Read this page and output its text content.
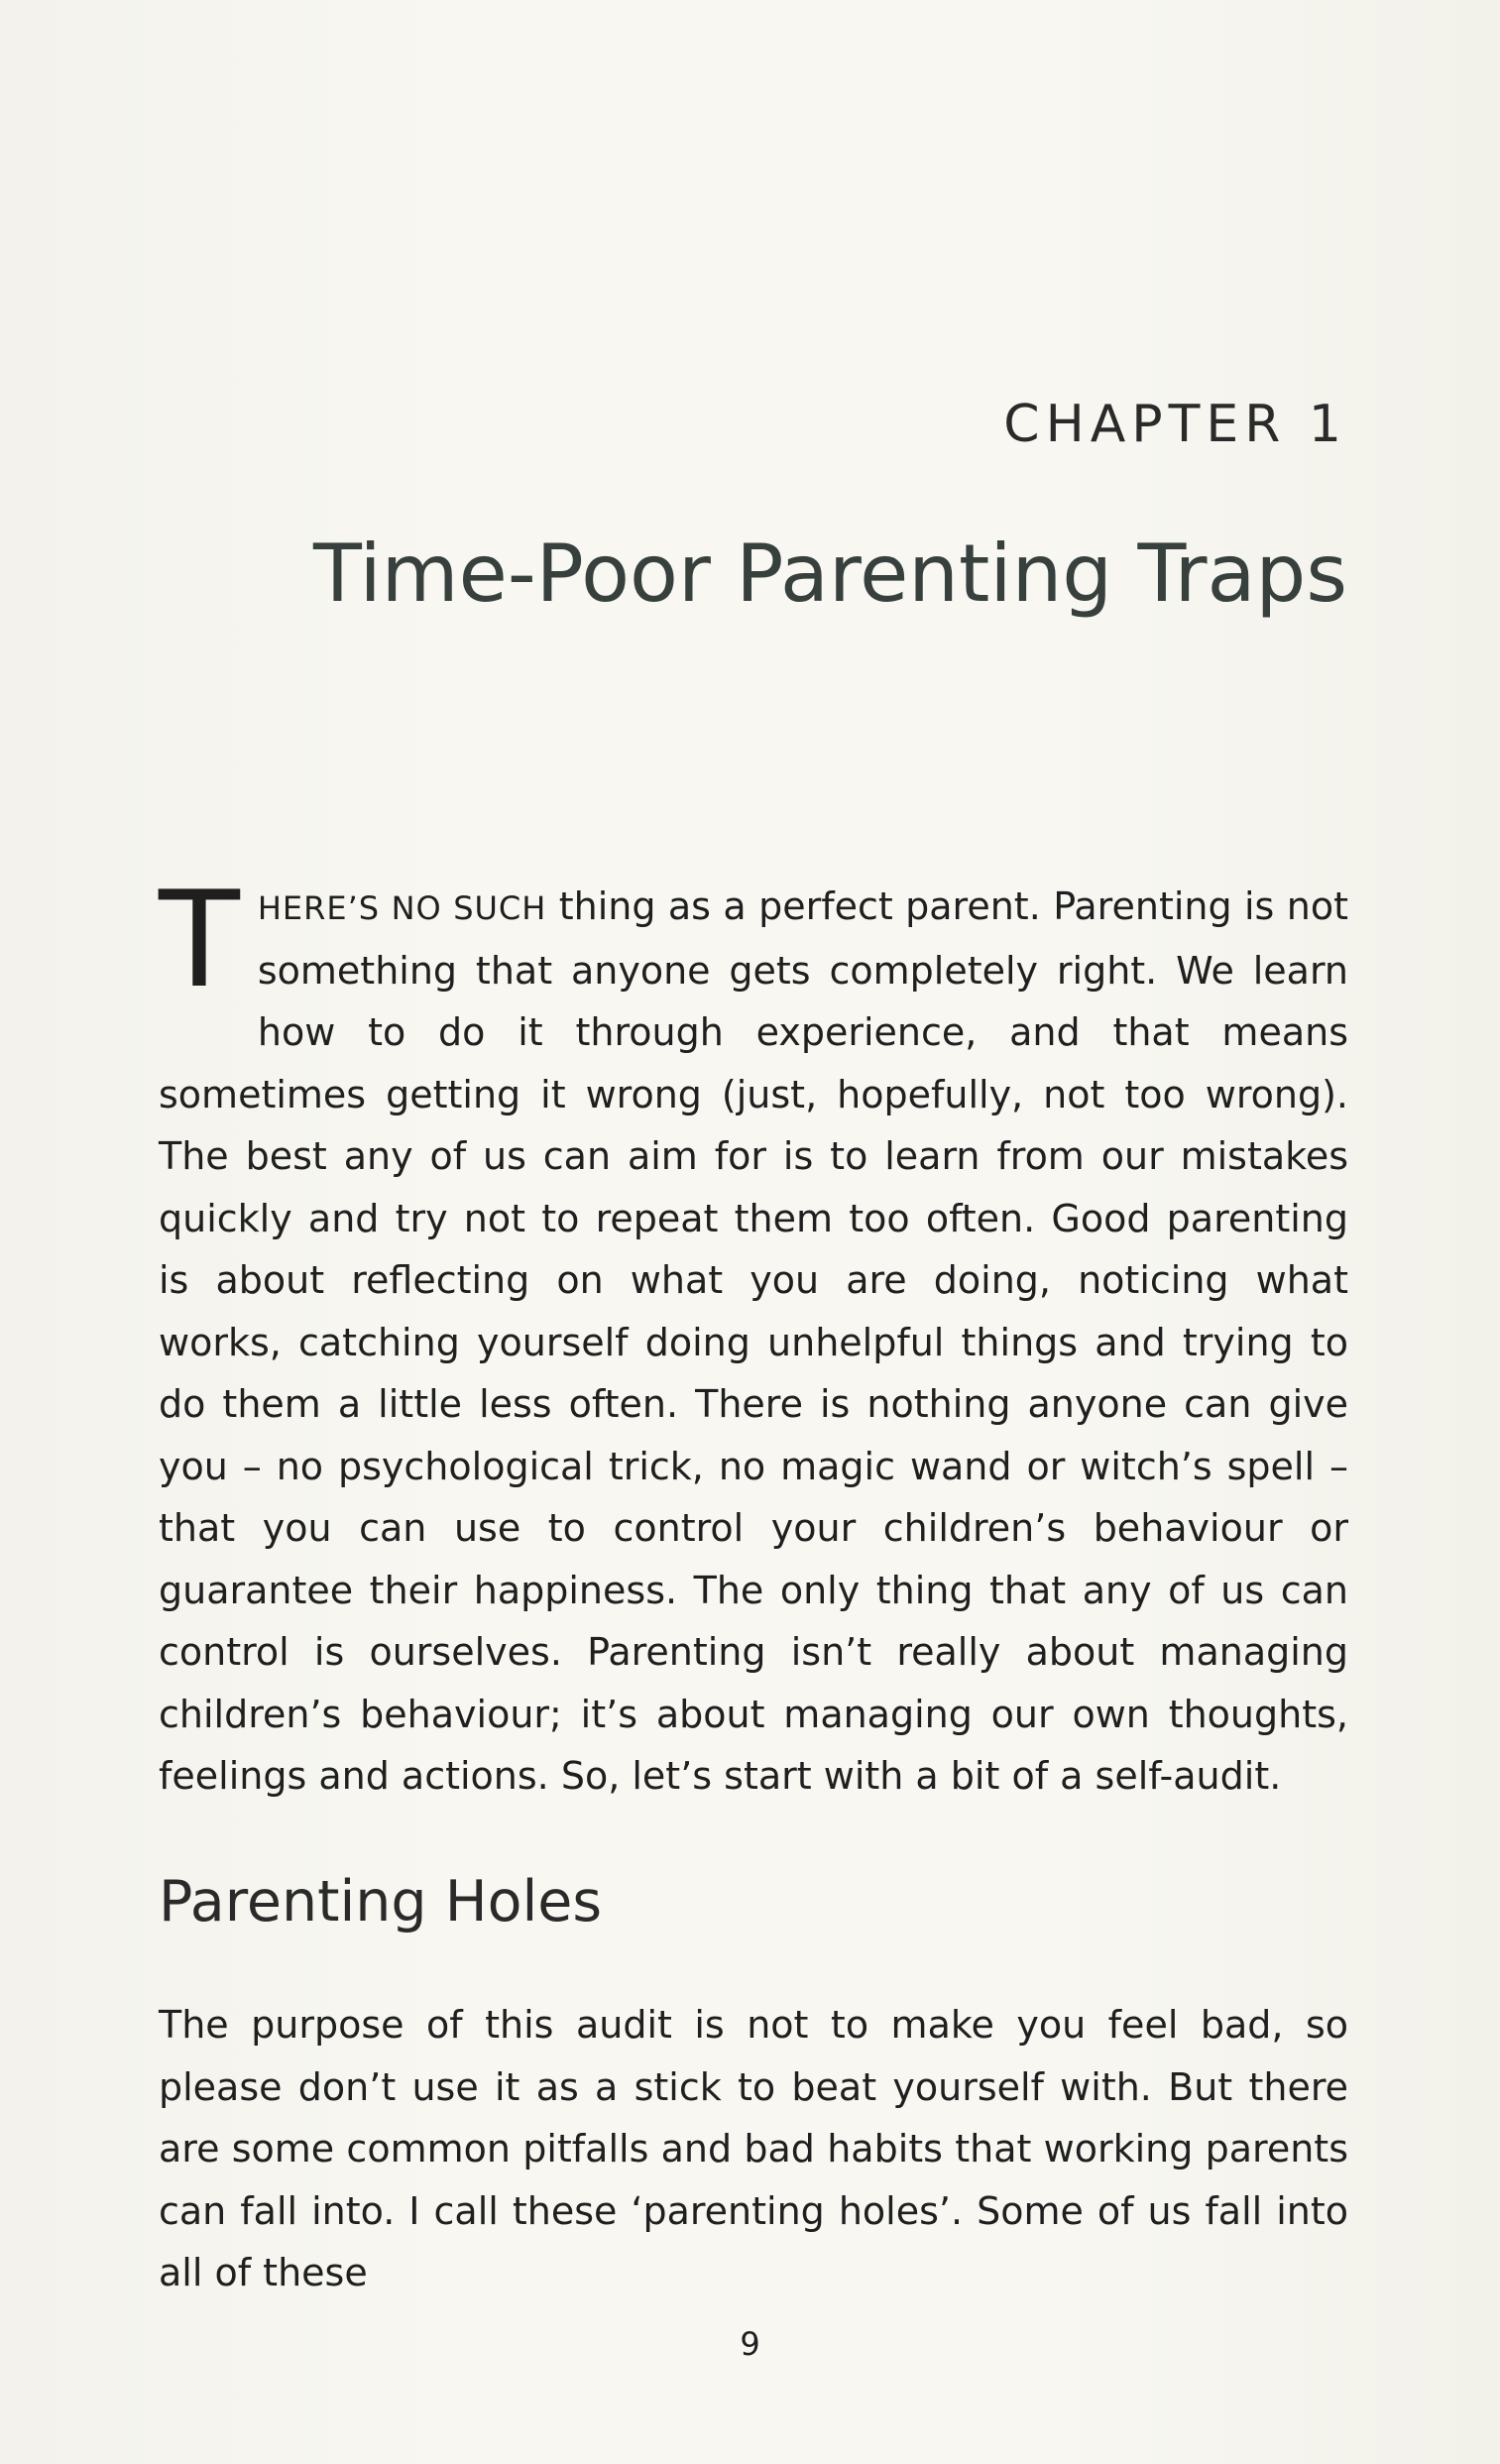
CHAPTER 1
Time-Poor Parenting Traps
THERE’S NO SUCH thing as a perfect parent. Parenting is not something that anyone gets completely right. We learn how to do it through experience, and that means sometimes getting it wrong (just, hopefully, not too wrong). The best any of us can aim for is to learn from our mistakes quickly and try not to repeat them too often. Good parenting is about reflecting on what you are doing, noticing what works, catching yourself doing unhelpful things and trying to do them a little less often. There is nothing anyone can give you – no psychological trick, no magic wand or witch’s spell – that you can use to control your children’s behaviour or guarantee their happiness. The only thing that any of us can control is ourselves. Parenting isn’t really about managing children’s behaviour; it’s about managing our own thoughts, feelings and actions. So, let’s start with a bit of a self-audit.
Parenting Holes
The purpose of this audit is not to make you feel bad, so please don’t use it as a stick to beat yourself with. But there are some common pitfalls and bad habits that working parents can fall into. I call these ‘parenting holes’. Some of us fall into all of these
9
